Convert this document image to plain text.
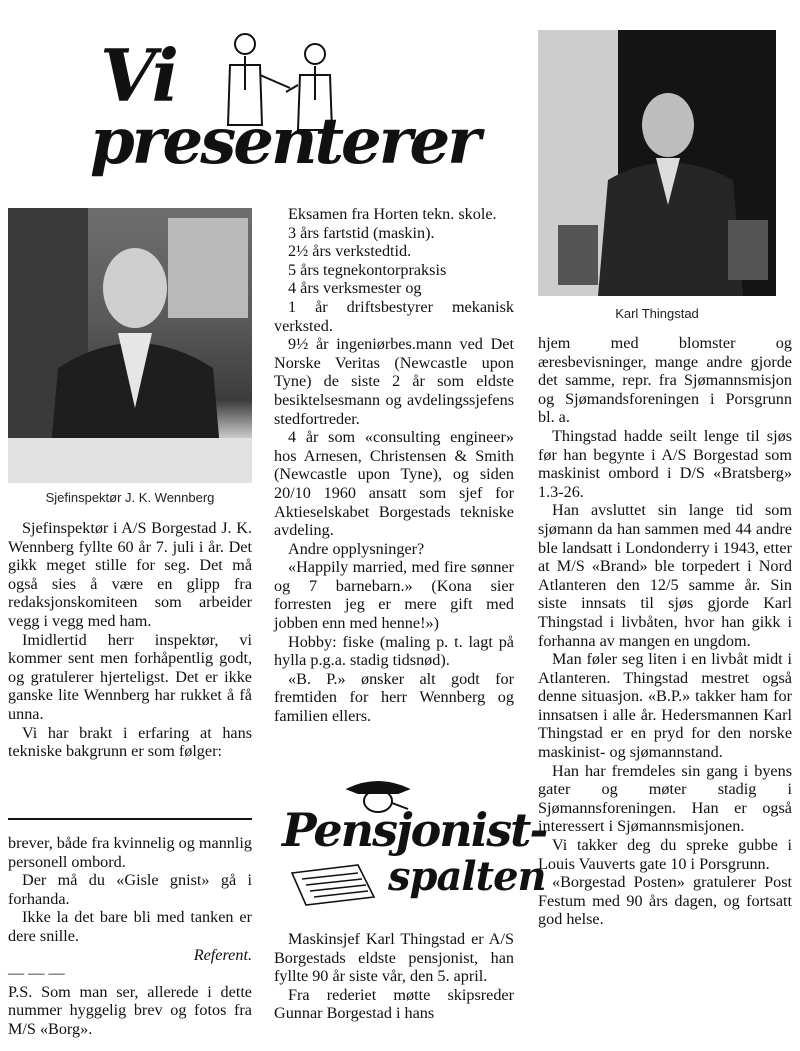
Vi
presenterer
Sjefinspektør J. K. Wennberg
Karl Thingstad

Sjefinspektør i A/S Borgestad J. K. Wennberg fyllte 60 år 7. juli i år. Det gikk meget stille for seg. Det må også sies å være en glipp fra redaksjonskomiteen som arbeider vegg i vegg med ham.

Imidlertid herr inspektør, vi kommer sent men forhåpentlig godt, og gratulerer hjerteligst. Det er ikke ganske lite Wennberg har rukket å få unna.

Vi har brakt i erfaring at hans tekniske bakgrunn er som følger:

brever, både fra kvinnelig og mannlig personell ombord.

Der må du «Gisle gnist» gå i forhanda.

Ikke la det bare bli med tanken er dere snille.

Referent.

— — —

P.S. Som man ser, allerede i dette nummer hyggelig brev og fotos fra M/S «Borg».

Eksamen fra Horten tekn. skole.

3 års fartstid (maskin).

2½ års verkstedtid.

5 års tegnekontorpraksis

4 års verksmester og

1 år driftsbestyrer mekanisk verksted.

9½ år ingeniørbes.mann ved Det Norske Veritas (Newcastle upon Tyne) de siste 2 år som eldste besiktelsesmann og avdelingssjefens stedfortreder.

4 år som «consulting engineer» hos Arnesen, Christensen & Smith (Newcastle upon Tyne), og siden 20/10 1960 ansatt som sjef for Aktieselskabet Borgestads tekniske avdeling.

Andre opplysninger?

«Happily married, med fire sønner og 7 barnebarn.» (Kona sier forresten jeg er mere gift med jobben enn med henne!»)

Hobby: fiske (maling p. t. lagt på hylla p.g.a. stadig tidsnød).

«B. P.» ønsker alt godt for fremtiden for herr Wennberg og familien ellers.

Pensjonist-
spalten

Maskinsjef Karl Thingstad er A/S Borgestads eldste pensjonist, han fyllte 90 år siste vår, den 5. april.

Fra rederiet møtte skipsreder Gunnar Borgestad i hans

hjem med blomster og æresbevisninger, mange andre gjorde det samme, repr. fra Sjømannsmisjon og Sjømandsforeningen i Porsgrunn bl. a.

Thingstad hadde seilt lenge til sjøs før han begynte i A/S Borgestad som maskinist ombord i D/S «Bratsberg» 1.3-26.

Han avsluttet sin lange tid som sjømann da han sammen med 44 andre ble landsatt i Londonderry i 1943, etter at M/S «Brand» ble torpedert i Nord Atlanteren den 12/5 samme år. Sin siste innsats til sjøs gjorde Karl Thingstad i livbåten, hvor han gikk i forhanna av mangen en ungdom.

Man føler seg liten i en livbåt midt i Atlanteren. Thingstad mestret også denne situasjon. «B.P.» takker ham for innsatsen i alle år. Hedersmannen Karl Thingstad er en pryd for den norske maskinist- og sjømannstand.

Han har fremdeles sin gang i byens gater og møter stadig i Sjømannsforeningen. Han er også interessert i Sjømannsmisjonen.

Vi takker deg du spreke gubbe i Louis Vauverts gate 10 i Porsgrunn.

«Borgestad Posten» gratulerer Post Festum med 90 års dagen, og fortsatt god helse.
